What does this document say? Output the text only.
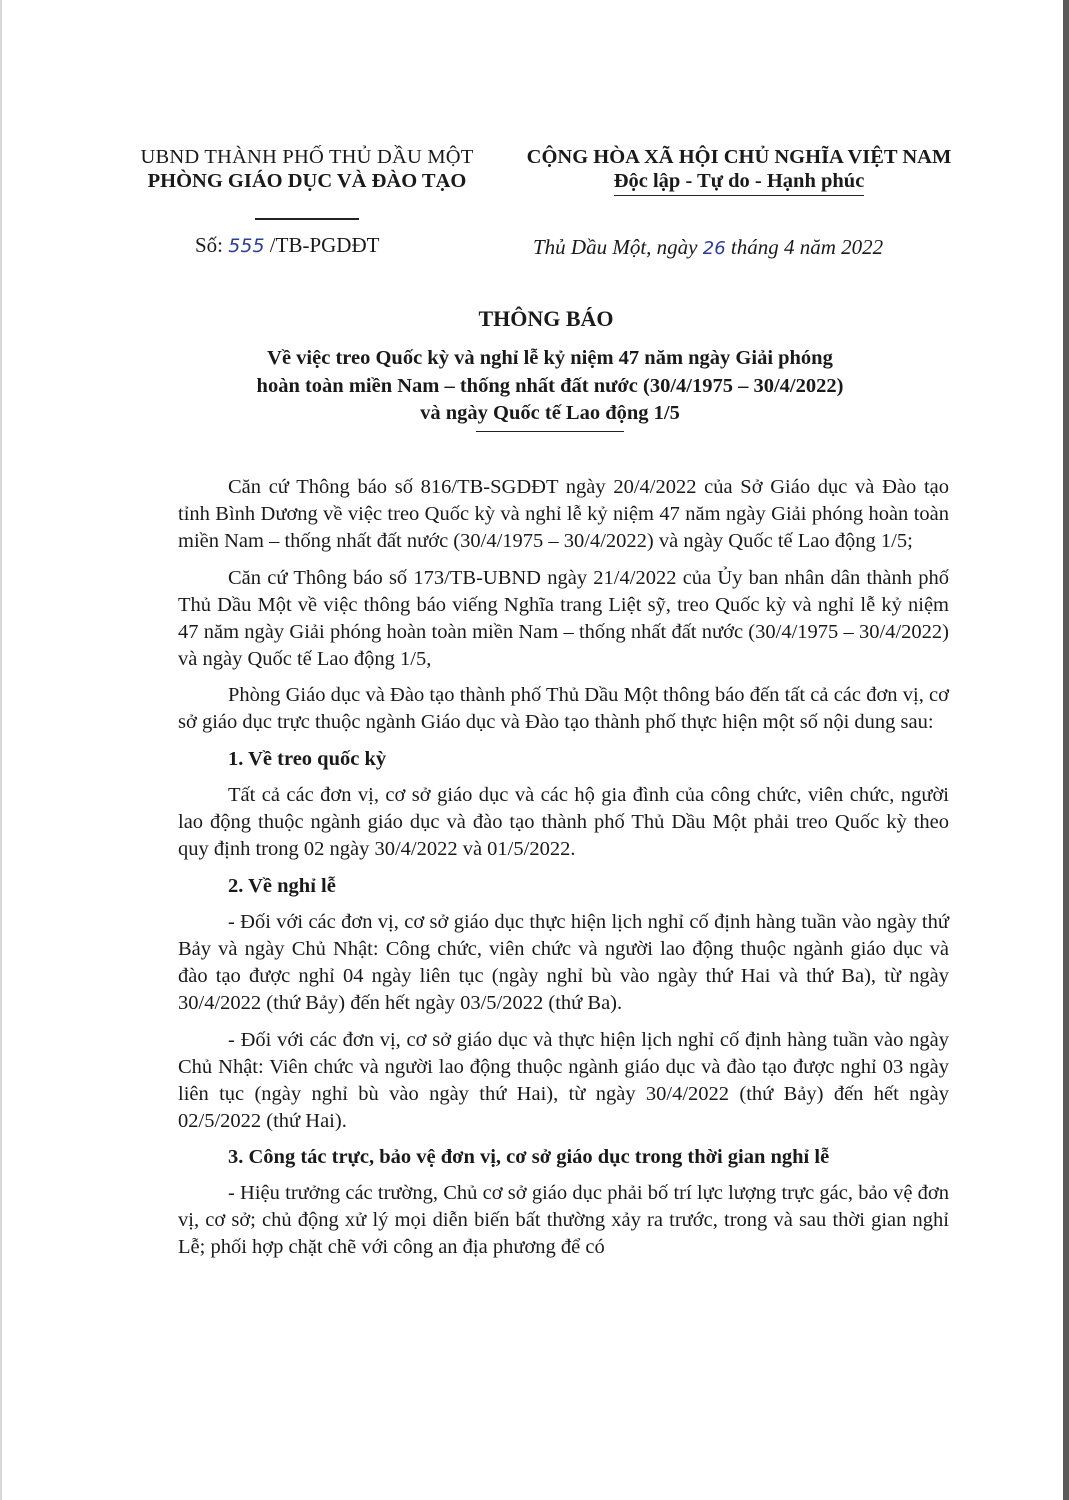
UBND THÀNH PHỐ THỦ DẦU MỘT
PHÒNG GIÁO DỤC VÀ ĐÀO TẠO
CỘNG HÒA XÃ HỘI CHỦ NGHĨA VIỆT NAM
Độc lập - Tự do - Hạnh phúc
Số: 555 /TB-PGDĐT	Thủ Dầu Một, ngày 26 tháng 4 năm 2022
THÔNG BÁO
Về việc treo Quốc kỳ và nghỉ lễ kỷ niệm 47 năm ngày Giải phóng
hoàn toàn miền Nam – thống nhất đất nước (30/4/1975 – 30/4/2022)
và ngày Quốc tế Lao động 1/5

Căn cứ Thông báo số 816/TB-SGDĐT ngày 20/4/2022 của Sở Giáo dục và Đào tạo tỉnh Bình Dương về việc treo Quốc kỳ và nghỉ lễ kỷ niệm 47 năm ngày Giải phóng hoàn toàn miền Nam – thống nhất đất nước (30/4/1975 – 30/4/2022) và ngày Quốc tế Lao động 1/5;

Căn cứ Thông báo số 173/TB-UBND ngày 21/4/2022 của Ủy ban nhân dân thành phố Thủ Dầu Một về việc thông báo viếng Nghĩa trang Liệt sỹ, treo Quốc kỳ và nghỉ lễ kỷ niệm 47 năm ngày Giải phóng hoàn toàn miền Nam – thống nhất đất nước (30/4/1975 – 30/4/2022) và ngày Quốc tế Lao động 1/5,

Phòng Giáo dục và Đào tạo thành phố Thủ Dầu Một thông báo đến tất cả các đơn vị, cơ sở giáo dục trực thuộc ngành Giáo dục và Đào tạo thành phố thực hiện một số nội dung sau:

1. Về treo quốc kỳ

Tất cả các đơn vị, cơ sở giáo dục và các hộ gia đình của công chức, viên chức, người lao động thuộc ngành giáo dục và đào tạo thành phố Thủ Dầu Một phải treo Quốc kỳ theo quy định trong 02 ngày 30/4/2022 và 01/5/2022.

2. Về nghỉ lễ

- Đối với các đơn vị, cơ sở giáo dục thực hiện lịch nghỉ cố định hàng tuần vào ngày thứ Bảy và ngày Chủ Nhật: Công chức, viên chức và người lao động thuộc ngành giáo dục và đào tạo được nghỉ 04 ngày liên tục (ngày nghỉ bù vào ngày thứ Hai và thứ Ba), từ ngày 30/4/2022 (thứ Bảy) đến hết ngày 03/5/2022 (thứ Ba).

- Đối với các đơn vị, cơ sở giáo dục và thực hiện lịch nghỉ cố định hàng tuần vào ngày Chủ Nhật: Viên chức và người lao động thuộc ngành giáo dục và đào tạo được nghỉ 03 ngày liên tục (ngày nghỉ bù vào ngày thứ Hai), từ ngày 30/4/2022 (thứ Bảy) đến hết ngày 02/5/2022 (thứ Hai).

3. Công tác trực, bảo vệ đơn vị, cơ sở giáo dục trong thời gian nghỉ lễ

- Hiệu trưởng các trường, Chủ cơ sở giáo dục phải bố trí lực lượng trực gác, bảo vệ đơn vị, cơ sở; chủ động xử lý mọi diễn biến bất thường xảy ra trước, trong và sau thời gian nghỉ Lễ; phối hợp chặt chẽ với công an địa phương để có
